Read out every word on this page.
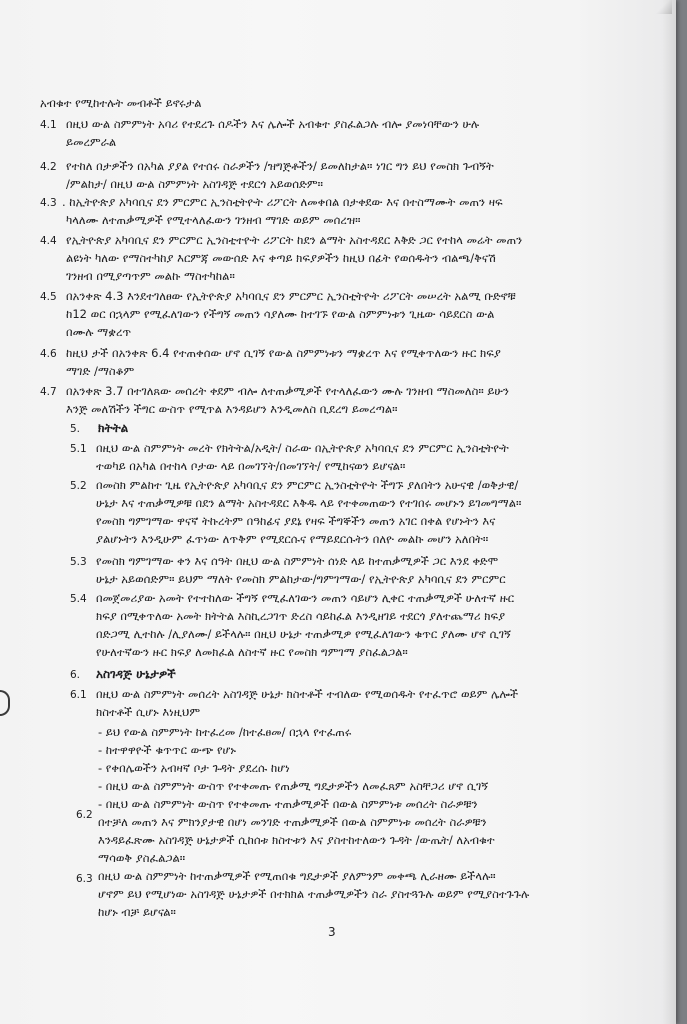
አብቁተ የሚከተሉት መብቶች ይኖሩታል
4.1 በዚህ ውል ስምምነት አባሪ የተደረጉ ሰዶችን እና ሌሎች አብቁተ ያስፈልጋሉ ብሎ ያመነባቸውን ሁሉ
ይመረምራል
4.2 የተከለ በታዎችን በአካል ያያል የተሰሩ ስራዎችን /ዝግጅቶችን/ ይመለከታል። ነገር ግን ይህ የመስክ ጉብኝት
/ምልከታ/ በዚህ ውል ስምምነት አስገዳጅ ተደርጎ አይወሰድም።
4.3 . ከኢትዮጵያ አካባቢና ደን ምርምር ኢንስቲትዮት ሪፖርት ለመቀበል በታቀደው እና በተስማሙት መጠን ዛፍ
ካላለሙ ለተጠቃሚዎች የሚተላለፈውን ገንዘብ ማገድ ወይም መሰረዝ።
4.4 የኢትዮጵያ አካባቢና ደን ምርምር ኢንስቲተዮት ሪፖርት ከደን ልማት አስተዳደር እቅድ ጋር የተከላ መሬት መጠን
ልዩነት ካለው የማስተካከያ እርምጃ መውሰድ እና ቀጣይ ክፍያዎችን ከዚህ በፊት የወሰዱትን ብልጫ/ቅናሽ
ገንዘብ በሚያጣጥም መልኩ ማስተካከል።
4.5 በአንቀጽ 4.3 እንደተገለፀው የኢትዮጵያ አካባቢና ደን ምርምር ኢንስቲትዮት ሪፖርት መሠረት አልሚ ቡድኖቹ
ከ12 ወር በኋላም የሚፈለገውን የችግኝ መጠን ሳያለሙ ከተገኙ የውል ስምምነቱን ጊዜው ሳይደርስ ውል
በሙሉ ማቋረጥ
4.6 ከዚህ ታች በአንቀጽ 6.4 የተጠቀሰው ሆኖ ሲገኝ የውል ስምምነቱን ማቋረጥ እና የሚቀጥለውን ዙር ክፍያ
ማገድ /ማስቆም
4.7 በአንቀጽ 3.7 በተገለጸው መሰረት ቀደም ብሎ ለተጠቃሚዎች የተላለፈውን ሙሉ ገንዘብ ማስመለስ። ይሁን
እንጅ መለሽችን ችግር ውስጥ የሚጥል እንዳይሆን እንዲመለስ ቢደረግ ይመረጣል።
5. ክትትል
5.1 በዚህ ውል ስምምነት መረት የክትትል/አዲት/ ስራው በኢትዮጵያ አካባቢና ደን ምርምር ኢንስቲትዮት
ተወካይ በአካል በተከላ ቦታው ላይ በመገኘት/በመገኘት/ የሚከናወን ይሆናል።
5.2 በመስክ ምልከተ ጊዜ የኢትዮጵያ አካባቢና ደን ምርምር ኢንስቲትዮት ችግኙ ያለበትን አሁናዊ /ወቅታዊ/
ሁኔታ እና ተጠቃሚዎቹ በደን ልማት አስተዳደር እቅዱ ላይ የተቀመጠውን የተገበሩ መሆኑን ይገመግማል።
የመስክ ግምገማው ዋናኛ ትኩረትም በዓከፊና ያደኔ የዛፍ ችግኞችን መጠን አገር በቀል የሆኑትን እና
ያልሆኑትን እንዲሁም ፈጥነው ለጥቅም የሚደርሱና የማይደርሱትን በለዮ መልኩ መሆን አለበት።
5.3 የመስክ ግምገማው ቀን እና ሰዓት በዚህ ውል ስምምነት ሰነድ ላይ ከተጠቃሚዎች ጋር እንደ ቀድሞ
ሁኔታ አይወሰድም። ይህም ማለት የመስክ ምልከታው/ግምገማው/ የኢትዮጵያ አካባቢና ደን ምርምር
5.4 በመጀመሪያው አመት የተተከለው ችግኝ የሚፈለገውን መጠን ሳይሆን ሊቀር ተጠቃሚዎች ሁለተኛ ዙር
ክፍያ በሚቀጥለው አመት ክትትል እስኪረጋገጥ ድረስ ሳይከፈል እንዲዘገይ ተደርጎ ያለተጨማሪ ክፍያ
በድጋሚ ሊተከሉ /ሊያለሙ/ ይችላሉ። በዚህ ሁኔታ ተጠቃሚዎ የሚፈለገውን ቁጥር ያለሙ ሆኖ ሲገኝ
የሁለተኛውን ዙር ክፍያ ለመክፈል ለስተኛ ዙር የመስክ ግምገማ ያስፈልጋል።
6. አስገዳጅ ሁኔታዎች
6.1 በዚህ ውል ስምምነት መሰረት አስገዳጅ ሁኔታ ክስተቶች ተብለው የሚወሰዱት የተፈጥሮ ወይም ሌሎች
ክስተቶች ሲሆኑ እነዚህም
- ይህ የውል ስምምነት ከተፈረመ /ከተፈፀመ/ በኋላ የተፈጠሩ
- ከተዋዋዮች ቁጥጥር ውጭ የሆኑ
- የቀበሌወችን አብዛኛ ቦታ ጉዳት ያደረሱ ከሆነ
- በዚህ ውል ስምምነት ውስጥ የተቀመጡ የጠቃሚ ግዴታዎችን ለመፈጸም አስቸጋሪ ሆኖ ሲገኝ
- በዚህ ውል ስምምነት ውስጥ የተቀመጡ ተጠቃሚዎች በውል ስምምነቱ መሰረት ስራዎቹን
6.2 በተቻለ መጠን እና ምክንያታዊ በሆነ መንገድ ተጠቃሚዎች በውል ስምምነቱ መሰረት ስራዎቹን
እንዳይፈጽሙ አስገዳጅ ሁኔታዎች ሲከሰቱ ክስተቱን እና ያስተከተለውን ጉዳት /ውጤት/ ለአብቁተ
ማሳወቅ ያስፈልጋል።
6.3 በዚህ ውል ስምምነት ከተጠቃሚዎች የሚጠበቁ ግዴታዎች ያለምንም መቀጫ ሊራዘሙ ይችላሉ።
ሆኖም ይህ የሚሆነው አስገዳጅ ሁኔታዎች በተክክል ተጠቃሚዎችን ስራ ያስተጓጉሉ ወይም የሚያስተጉጉሉ
ከሆኑ ብቻ ይሆናል።
3
